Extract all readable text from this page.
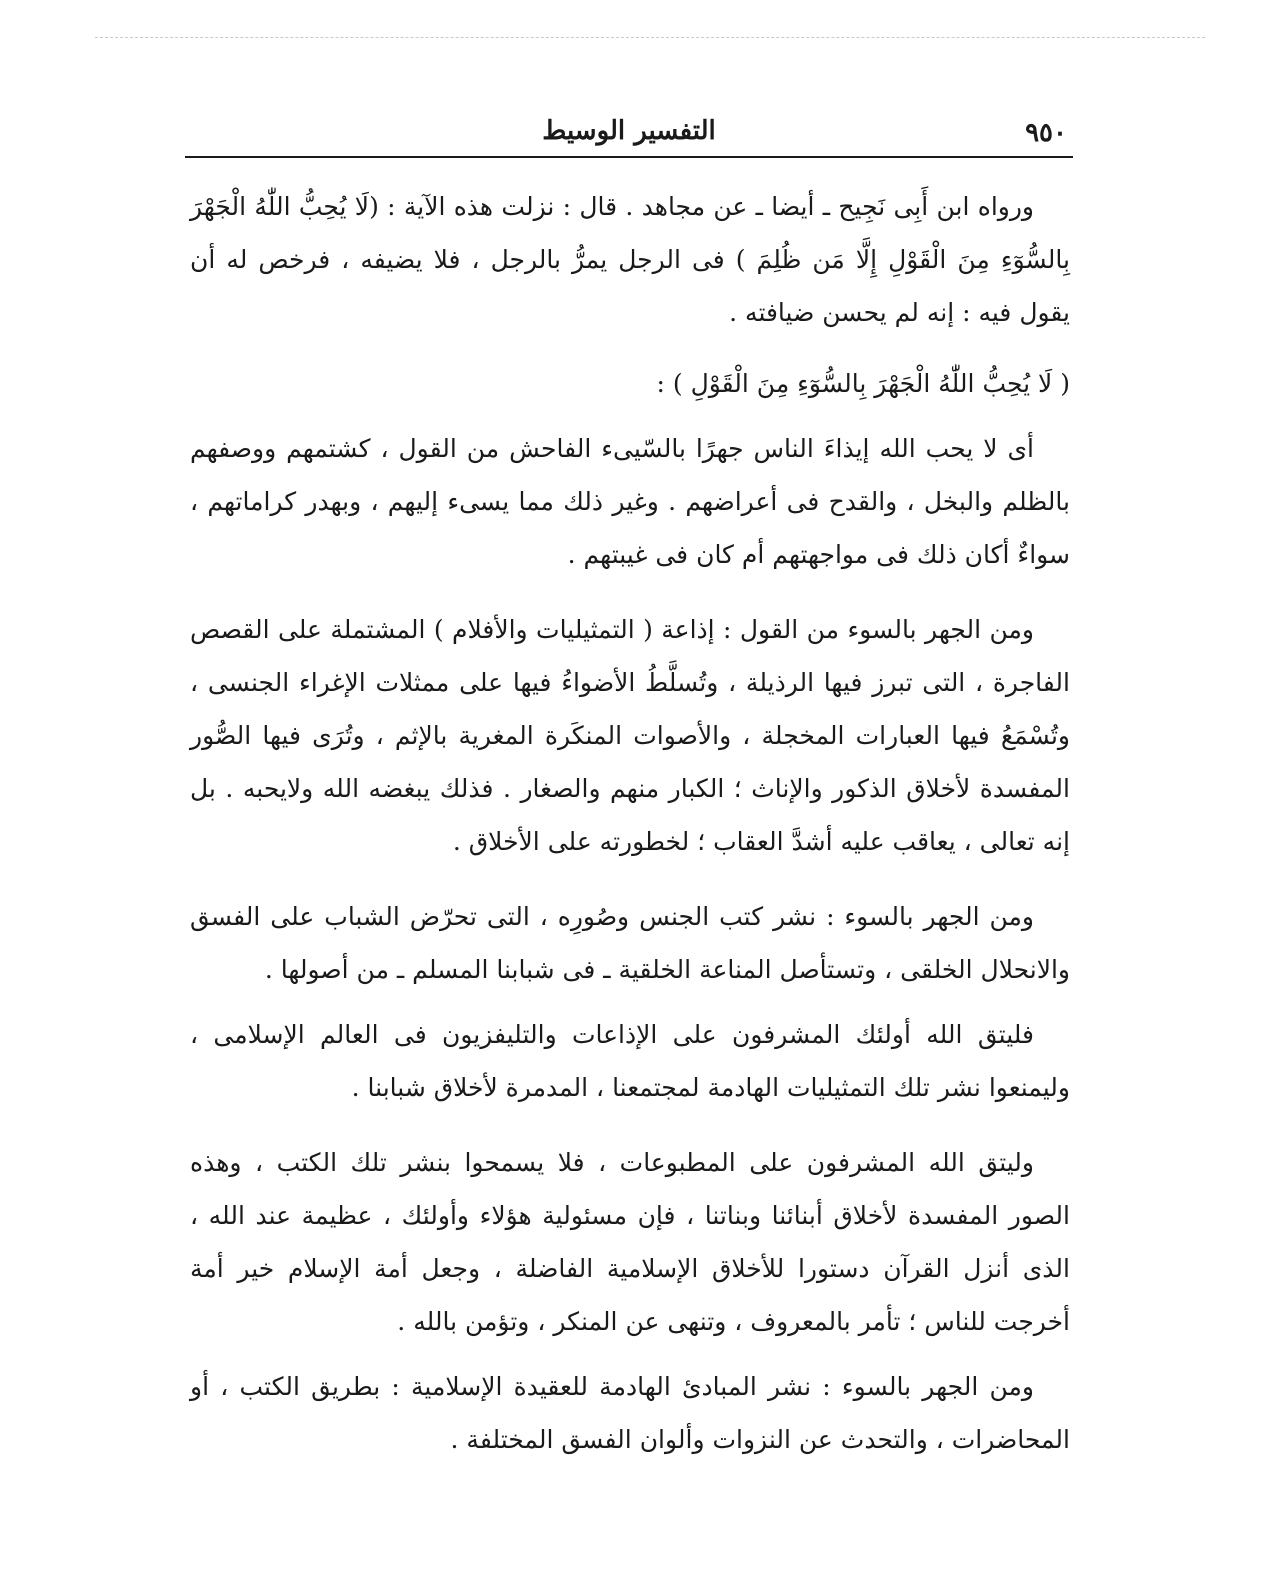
٩٥٠
التفسير الوسيط

ورواه ابن أَبِى نَجِيح ـ أيضا ـ عن مجاهد . قال : نزلت هذه الآية : (لَا يُحِبُّ اللّٰهُ الْجَهْرَ بِالسُّوٓءِ مِنَ الْقَوْلِ إِلَّا مَن ظُلِمَ ) فى الرجل يمرُّ بالرجل ، فلا يضيفه ، فرخص له أن يقول فيه : إنه لم يحسن ضيافته .

( لَا يُحِبُّ اللّٰهُ الْجَهْرَ بِالسُّوٓءِ مِنَ الْقَوْلِ ) :

أى لا يحب الله إيذاءَ الناس جهرًا بالسّيىء الفاحش من القول ، كشتمهم ووصفهم بالظلم والبخل ، والقدح فى أعراضهم . وغير ذلك مما يسىء إليهم ، وبهدر كراماتهم ، سواءٌ أكان ذلك فى مواجهتهم أم كان فى غيبتهم .

ومن الجهر بالسوء من القول : إذاعة ( التمثيليات والأفلام ) المشتملة على القصص الفاجرة ، التى تبرز فيها الرذيلة ، وتُسلَّطُ الأضواءُ فيها على ممثلات الإغراء الجنسى ، وتُسْمَعُ فيها العبارات المخجلة ، والأصوات المنكَرة المغرية بالإثم ، وتُرَى فيها الصُّور المفسدة لأخلاق الذكور والإناث ؛ الكبار منهم والصغار . فذلك يبغضه الله ولايحبه . بل إنه تعالى ، يعاقب عليه أشدَّ العقاب ؛ لخطورته على الأخلاق .

ومن الجهر بالسوء : نشر كتب الجنس وصُورِه ، التى تحرّض الشباب على الفسق والانحلال الخلقى ، وتستأصل المناعة الخلقية ـ فى شبابنا المسلم ـ من أصولها .

فليتق الله أولئك المشرفون على الإذاعات والتليفزيون فى العالم الإسلامى ، وليمنعوا نشر تلك التمثيليات الهادمة لمجتمعنا ، المدمرة لأخلاق شبابنا .

وليتق الله المشرفون على المطبوعات ، فلا يسمحوا بنشر تلك الكتب ، وهذه الصور المفسدة لأخلاق أبنائنا وبناتنا ، فإن مسئولية هؤلاء وأولئك ، عظيمة عند الله ، الذى أنزل القرآن دستورا للأخلاق الإسلامية الفاضلة ، وجعل أمة الإسلام خير أمة أخرجت للناس ؛ تأمر بالمعروف ، وتنهى عن المنكر ، وتؤمن بالله .

ومن الجهر بالسوء : نشر المبادئ الهادمة للعقيدة الإسلامية : بطريق الكتب ، أو المحاضرات ، والتحدث عن النزوات وألوان الفسق المختلفة .
